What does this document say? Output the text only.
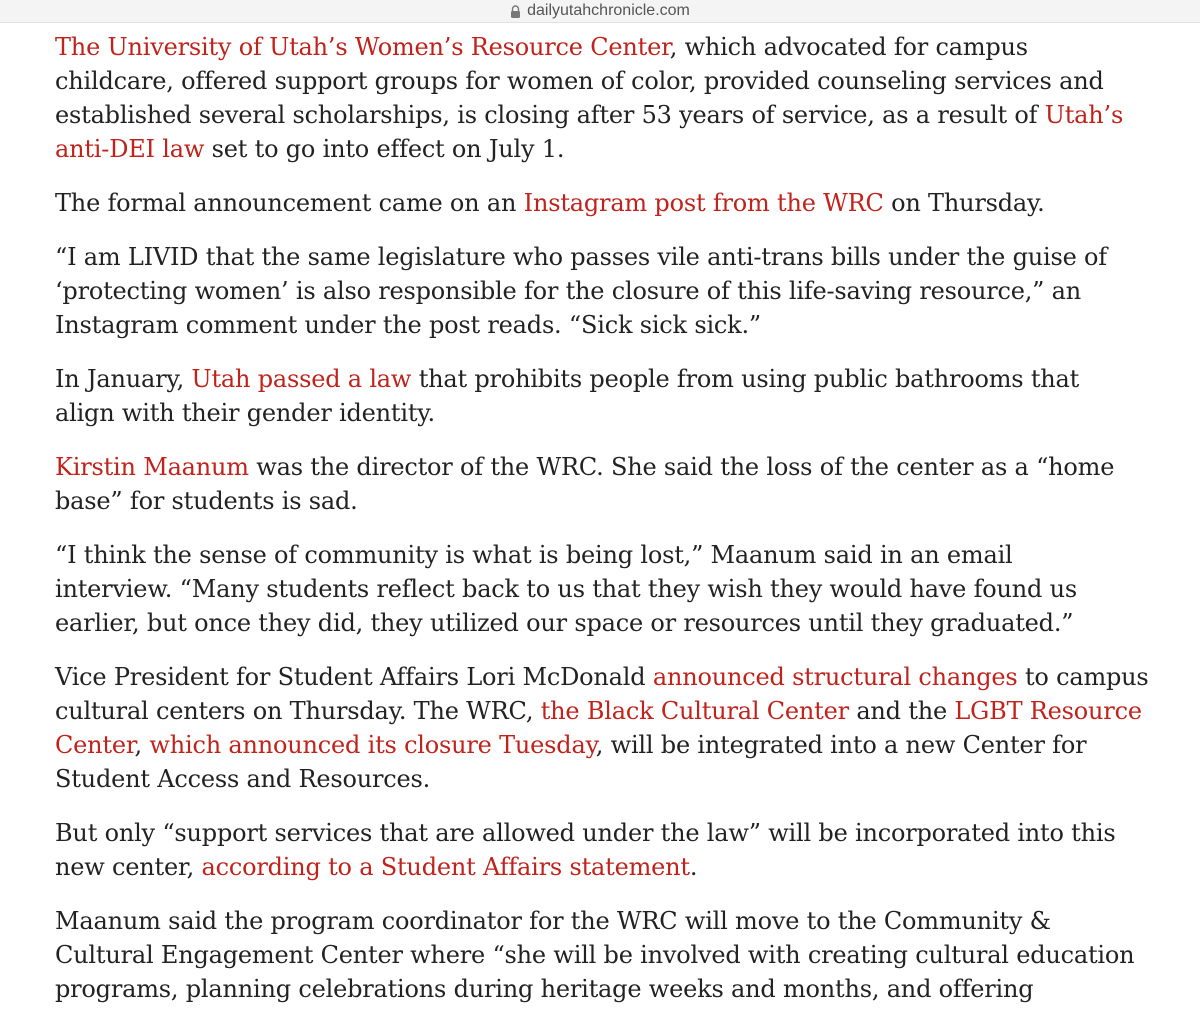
dailyutahchronicle.com

The University of Utah’s Women’s Resource Center, which advocated for campus
childcare, offered support groups for women of color, provided counseling services and
established several scholarships, is closing after 53 years of service, as a result of Utah’s
anti-DEI law set to go into effect on July 1.

The formal announcement came on an Instagram post from the WRC on Thursday.

“I am LIVID that the same legislature who passes vile anti-trans bills under the guise of
‘protecting women’ is also responsible for the closure of this life-saving resource,” an
Instagram comment under the post reads. “Sick sick sick.”

In January, Utah passed a law that prohibits people from using public bathrooms that
align with their gender identity.

Kirstin Maanum was the director of the WRC. She said the loss of the center as a “home
base” for students is sad.

“I think the sense of community is what is being lost,” Maanum said in an email
interview. “Many students reflect back to us that they wish they would have found us
earlier, but once they did, they utilized our space or resources until they graduated.”

Vice President for Student Affairs Lori McDonald announced structural changes to campus
cultural centers on Thursday. The WRC, the Black Cultural Center and the LGBT Resource
Center, which announced its closure Tuesday, will be integrated into a new Center for
Student Access and Resources.

But only “support services that are allowed under the law” will be incorporated into this
new center, according to a Student Affairs statement.

Maanum said the program coordinator for the WRC will move to the Community &
Cultural Engagement Center where “she will be involved with creating cultural education
programs, planning celebrations during heritage weeks and months, and offering
